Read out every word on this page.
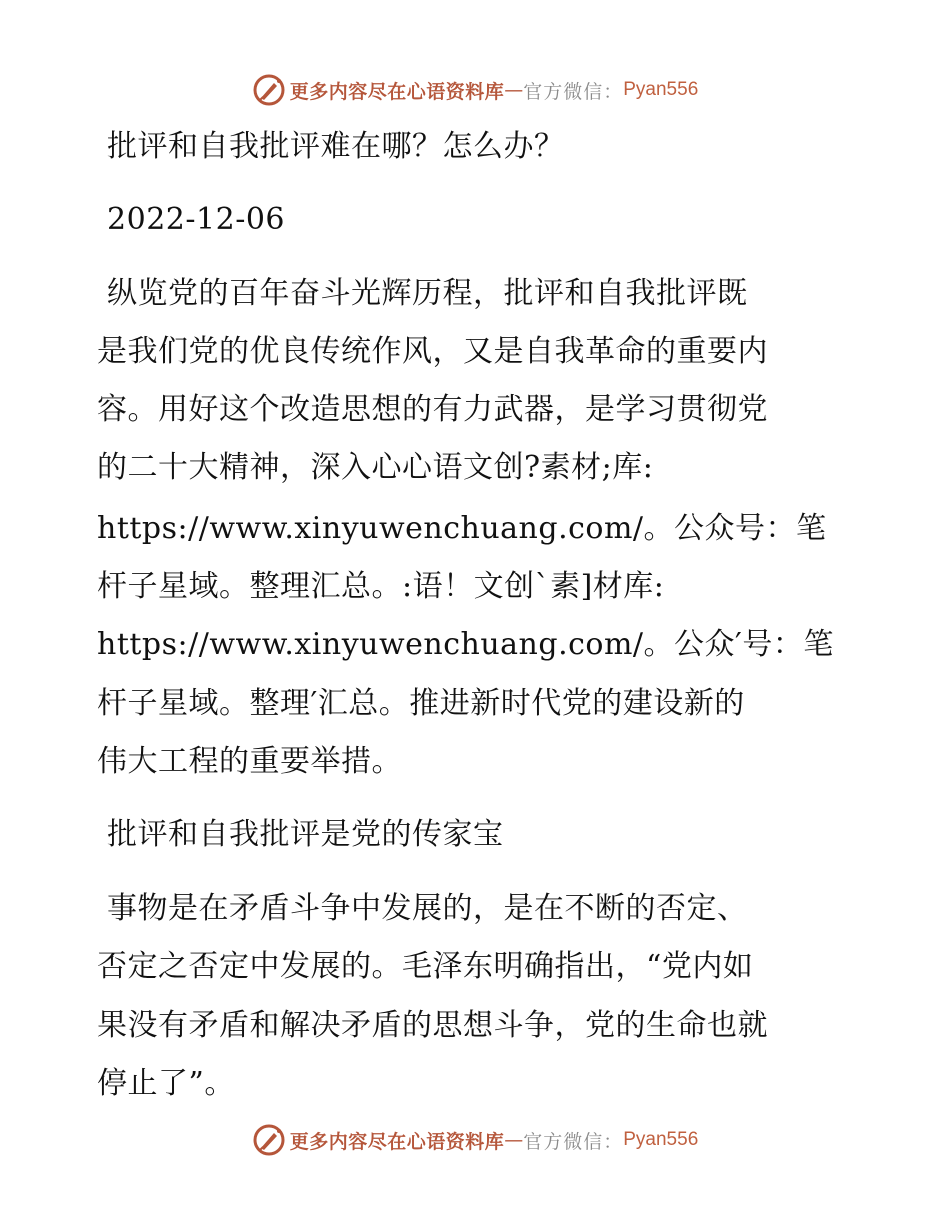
更多内容尽在心语资料库 — 官方微信： Pyan556

批评和自我批评难在哪？怎么办？

2022-12-06

纵览党的百年奋斗光辉历程，批评和自我批评既

是我们党的优良传统作风，又是自我革命的重要内

容。用好这个改造思想的有力武器，是学习贯彻党

的二十大精神，深入心心语文创?素材;库:

https://www.xinyuwenchuang.com/。公众号：笔

杆子星域。整理汇总。:语！文创`素]材库:

https://www.xinyuwenchuang.com/。公众′号：笔

杆子星域。整理′汇总。推进新时代党的建设新的

伟大工程的重要举措。

批评和自我批评是党的传家宝

事物是在矛盾斗争中发展的，是在不断的否定、

否定之否定中发展的。毛泽东明确指出，“党内如

果没有矛盾和解决矛盾的思想斗争，党的生命也就

停止了”。

更多内容尽在心语资料库 — 官方微信： Pyan556
